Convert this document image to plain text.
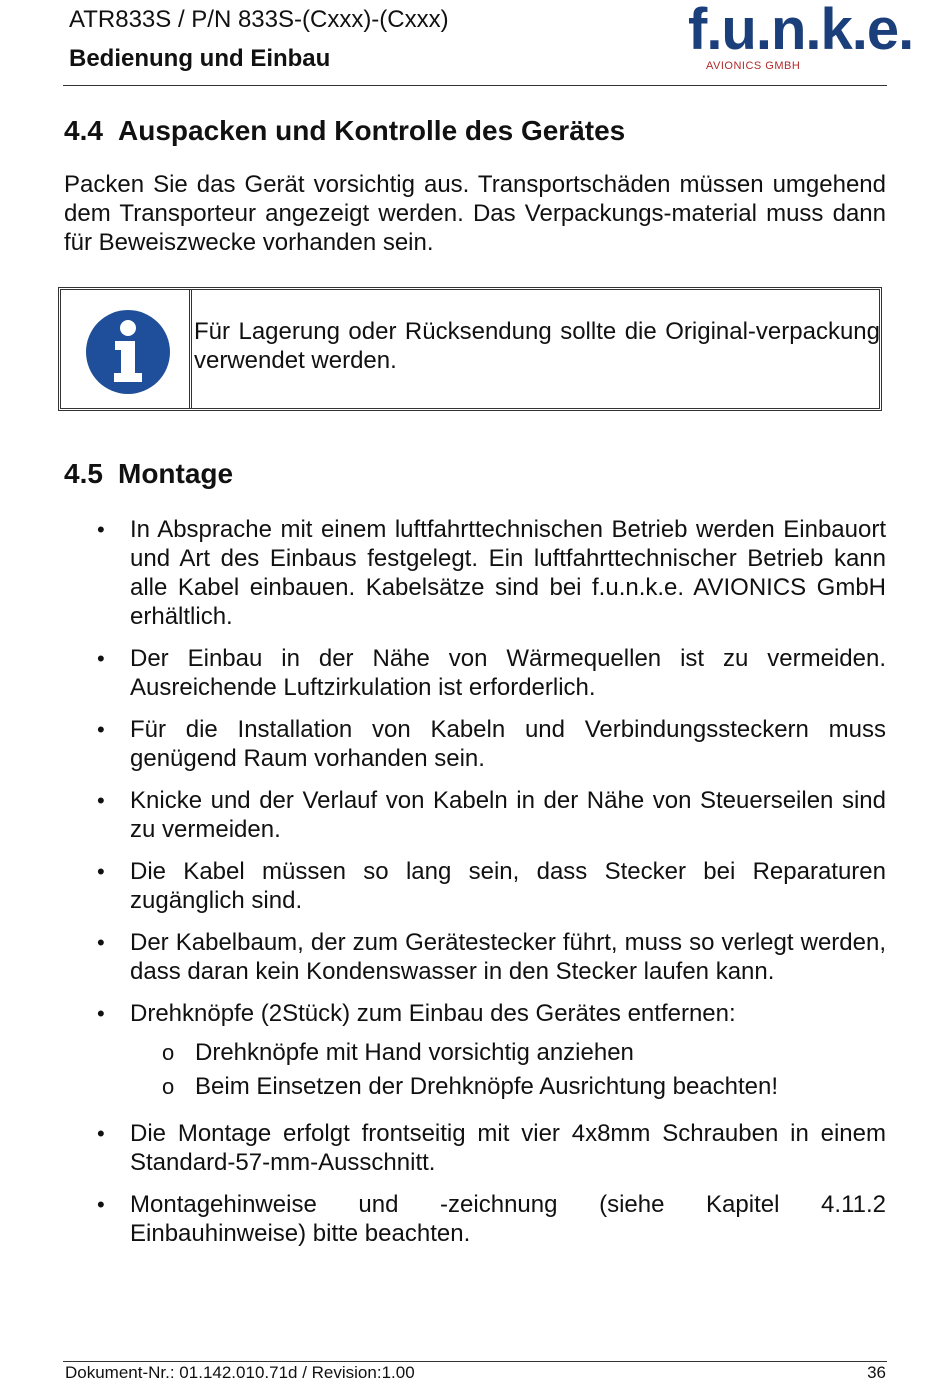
ATR833S / P/N 833S-(Cxxx)-(Cxxx)
Bedienung und Einbau	f.u.n.k.e.
AVIONICS GMBH
4.4 Auspacken und Kontrolle des Gerätes

Packen Sie das Gerät vorsichtig aus. Transportschäden müssen umgehend dem Transporteur angezeigt werden. Das Verpackungs-material muss dann für Beweiszwecke vorhanden sein.

Für Lagerung oder Rücksendung sollte die Original-verpackung verwendet werden.

4.5 Montage
• In Absprache mit einem luftfahrttechnischen Betrieb werden Einbauort und Art des Einbaus festgelegt. Ein luftfahrttechnischer Betrieb kann alle Kabel einbauen. Kabelsätze sind bei f.u.n.k.e. AVIONICS GmbH erhältlich.
• Der Einbau in der Nähe von Wärmequellen ist zu vermeiden. Ausreichende Luftzirkulation ist erforderlich.
• Für die Installation von Kabeln und Verbindungssteckern muss genügend Raum vorhanden sein.
• Knicke und der Verlauf von Kabeln in der Nähe von Steuerseilen sind zu vermeiden.
• Die Kabel müssen so lang sein, dass Stecker bei Reparaturen zugänglich sind.
• Der Kabelbaum, der zum Gerätestecker führt, muss so verlegt werden, dass daran kein Kondenswasser in den Stecker laufen kann.
• Drehknöpfe (2Stück) zum Einbau des Gerätes entfernen:
o Drehknöpfe mit Hand vorsichtig anziehen
o Beim Einsetzen der Drehknöpfe Ausrichtung beachten!
• Die Montage erfolgt frontseitig mit vier 4x8mm Schrauben in einem Standard-57-mm-Ausschnitt.
• Montagehinweise und -zeichnung (siehe Kapitel 4.11.2 Einbauhinweise) bitte beachten.
Dokument-Nr.: 01.142.010.71d / Revision:1.00	36
